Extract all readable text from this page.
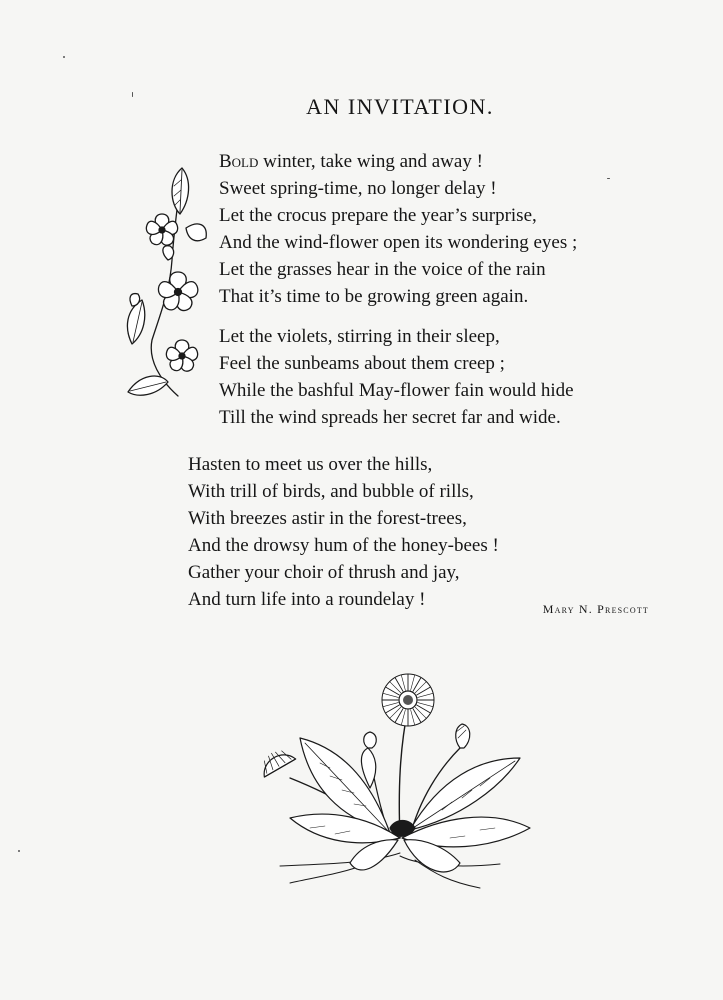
AN INVITATION.

Bold winter, take wing and away !
Sweet spring-time, no longer delay !
Let the crocus prepare the year’s surprise,
And the wind-flower open its wondering eyes ;
Let the grasses hear in the voice of the rain
That it’s time to be growing green again.

Let the violets, stirring in their sleep,
Feel the sunbeams about them creep ;
While the bashful May-flower fain would hide
Till the wind spreads her secret far and wide.

Hasten to meet us over the hills,
With trill of birds, and bubble of rills,
With breezes astir in the forest-trees,
And the drowsy hum of the honey-bees !
Gather your choir of thrush and jay,
And turn life into a roundelay !	Mary N. Prescott
